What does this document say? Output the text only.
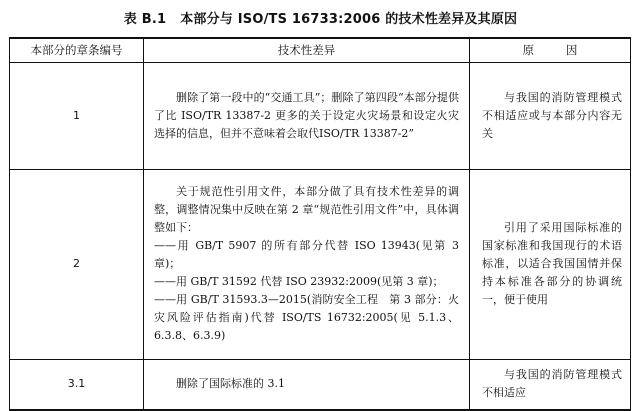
表 B.1 本部分与 ISO/TS 16733:2006 的技术性差异及其原因
本部分的章条编号	技术性差异	原 因
1	删除了第一段中的“交通工具”；删除了第四段“本部分提供了比 ISO/TR 13387-2 更多的关于设定火灾场景和设定火灾选择的信息，但并不意味着会取代ISO/TR 13387-2”	与我国的消防管理模式不相适应或与本部分内容无关

2	关于规范性引用文件，本部分做了具有技术性差异的调整，调整情况集中反映在第 2 章“规范性引用文件”中，具体调整如下：
——用 GB/T 5907 的所有部分代替 ISO 13943(见第 3 章)；
——用 GB/T 31592 代替 ISO 23932:2009(见第 3 章)；
——用 GB/T 31593.3—2015(消防安全工程　第 3 部分：火灾风险评估指南)代替 ISO/TS 16732:2005(见 5.1.3、6.3.8、6.3.9)	引用了采用国际标准的国家标准和我国现行的术语标准，以适合我国国情并保持本标准各部分的协调统一，便于使用

3.1	删除了国际标准的 3.1	与我国的消防管理模式不相适应
